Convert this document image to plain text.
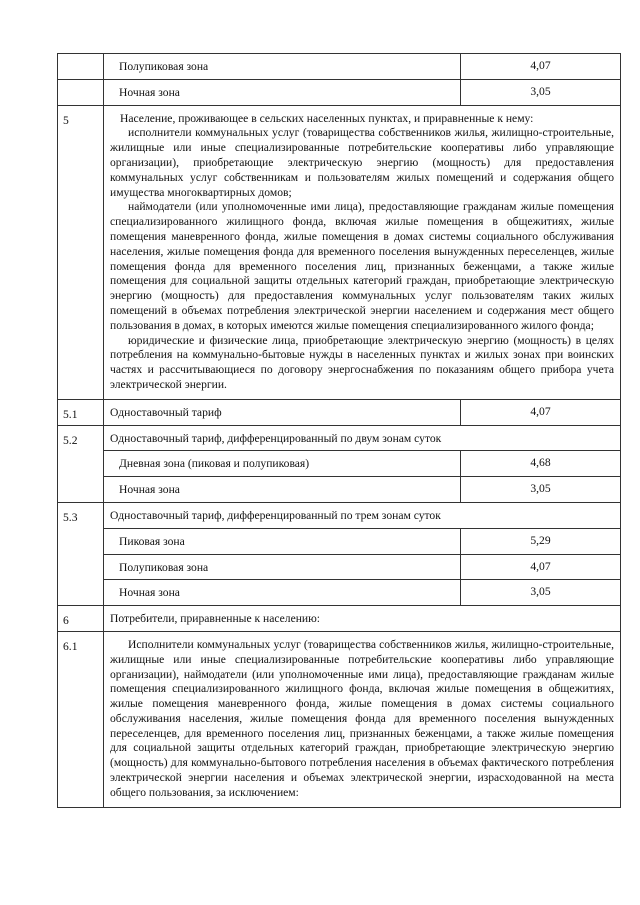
	Полупиковая зона	4,07
	Ночная зона	3,05
5	Население, проживающее в сельских населенных пунктах, и приравненные к нему:

исполнители коммунальных услуг (товарищества собственников жилья, жилищно-строительные, жилищные или иные специализированные потребительские кооперативы либо управляющие организации), приобретающие электрическую энергию (мощность) для предоставления коммунальных услуг собственникам и пользователям жилых помещений и содержания общего имущества многоквартирных домов;

наймодатели (или уполномоченные ими лица), предоставляющие гражданам жилые помещения специализированного жилищного фонда, включая жилые помещения в общежитиях, жилые помещения маневренного фонда, жилые помещения в домах системы социального обслуживания населения, жилые помещения фонда для временного поселения вынужденных переселенцев, жилые помещения фонда для временного поселения лиц, признанных беженцами, а также жилые помещения для социальной защиты отдельных категорий граждан, приобретающие электрическую энергию (мощность) для предоставления коммунальных услуг пользователям таких жилых помещений в объемах потребления электрической энергии населением и содержания мест общего пользования в домах, в которых имеются жилые помещения специализированного жилого фонда;

юридические и физические лица, приобретающие электрическую энергию (мощность) в целях потребления на коммунально-бытовые нужды в населенных пунктах и жилых зонах при воинских частях и рассчитывающиеся по договору энергоснабжения по показаниям общего прибора учета электрической энергии.	

5.1	Одноставочный тариф	4,07
5.2	Одноставочный тариф, дифференцированный по двум зонам суток	
	Дневная зона (пиковая и полупиковая)	4,68
	Ночная зона	3,05
5.3	Одноставочный тариф, дифференцированный по трем зонам суток	
	Пиковая зона	5,29
	Полупиковая зона	4,07
	Ночная зона	3,05
6	Потребители, приравненные к населению:	
6.1	Исполнители коммунальных услуг (товарищества собственников жилья, жилищно-строительные, жилищные или иные специализированные потребительские кооперативы либо управляющие организации), наймодатели (или уполномоченные ими лица), предоставляющие гражданам жилые помещения специализированного жилищного фонда, включая жилые помещения в общежитиях, жилые помещения маневренного фонда, жилые помещения в домах системы социального обслуживания населения, жилые помещения фонда для временного поселения вынужденных переселенцев, для временного поселения лиц, признанных беженцами, а также жилые помещения для социальной защиты отдельных категорий граждан, приобретающие электрическую энергию (мощность) для коммунально-бытового потребления населения в объемах фактического потребления электрической энергии населения и объемах электрической энергии, израсходованной на места общего пользования, за исключением:	
